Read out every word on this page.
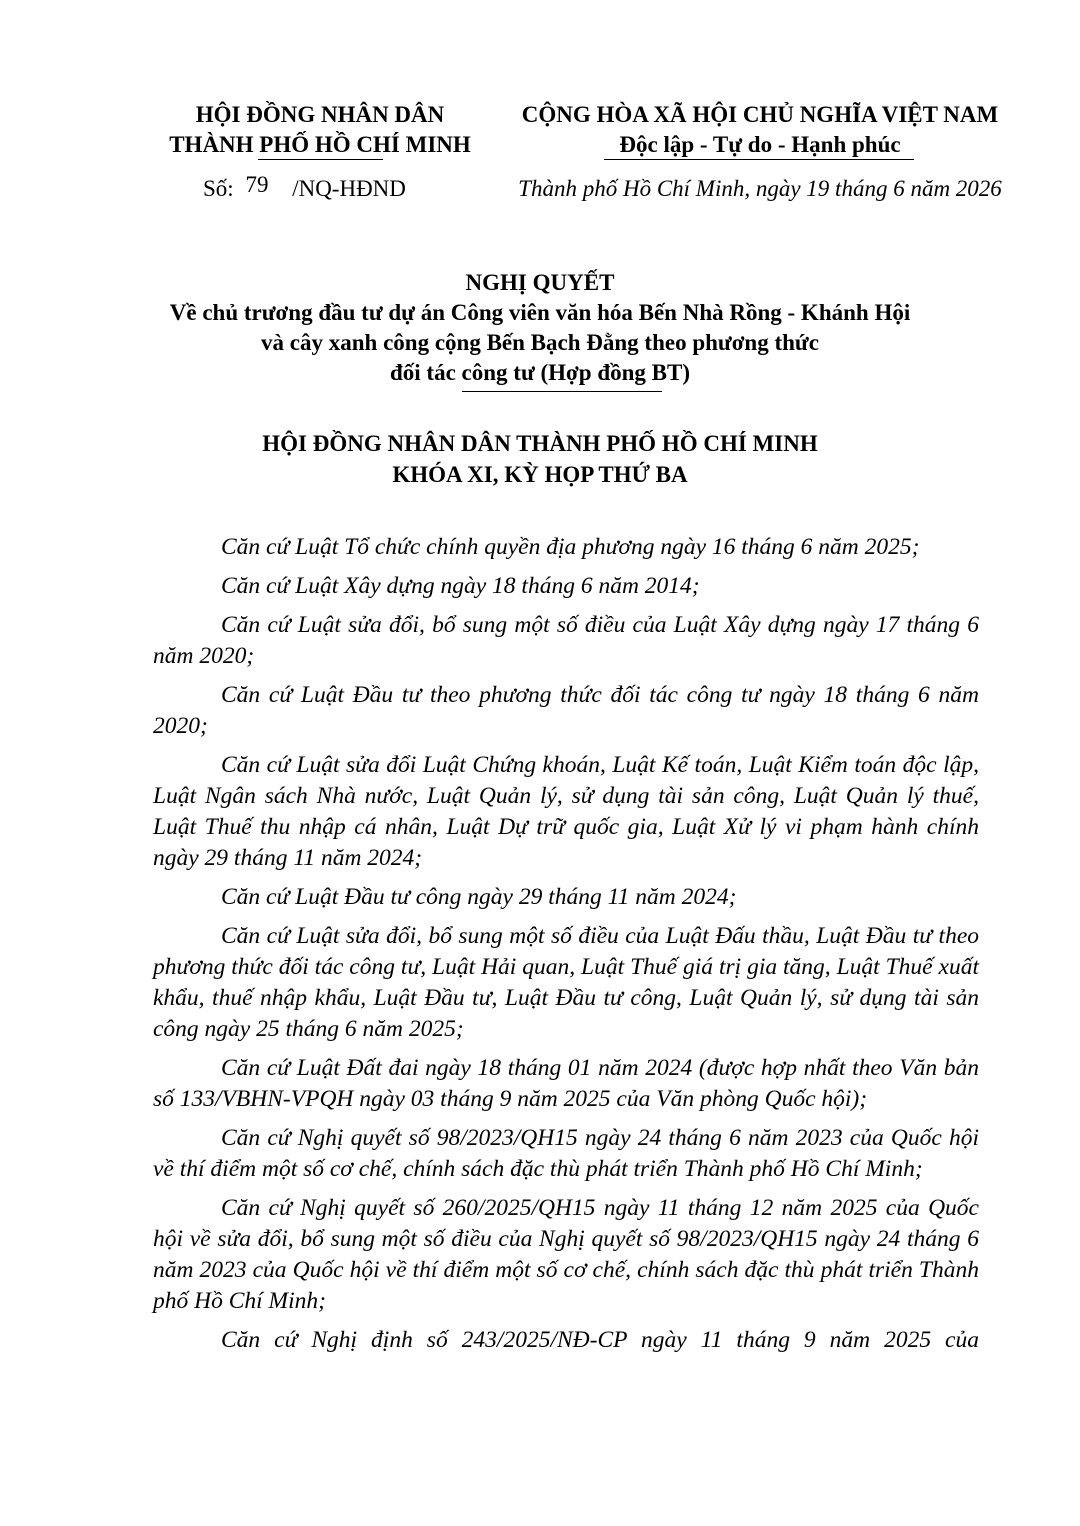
HỘI ĐỒNG NHÂN DÂN
THÀNH PHỐ HỒ CHÍ MINH
CỘNG HÒA XÃ HỘI CHỦ NGHĨA VIỆT NAM
Độc lập - Tự do - Hạnh phúc
Số: 79 /NQ-HĐND	Thành phố Hồ Chí Minh, ngày 19 tháng 6 năm 2026
NGHỊ QUYẾT
Về chủ trương đầu tư dự án Công viên văn hóa Bến Nhà Rồng - Khánh Hội
và cây xanh công cộng Bến Bạch Đằng theo phương thức
đối tác công tư (Hợp đồng BT)
HỘI ĐỒNG NHÂN DÂN THÀNH PHỐ HỒ CHÍ MINH
KHÓA XI, KỲ HỌP THỨ BA

Căn cứ Luật Tổ chức chính quyền địa phương ngày 16 tháng 6 năm 2025;

Căn cứ Luật Xây dựng ngày 18 tháng 6 năm 2014;

Căn cứ Luật sửa đổi, bổ sung một số điều của Luật Xây dựng ngày 17 tháng 6 năm 2020;

Căn cứ Luật Đầu tư theo phương thức đối tác công tư ngày 18 tháng 6 năm 2020;

Căn cứ Luật sửa đổi Luật Chứng khoán, Luật Kế toán, Luật Kiểm toán độc lập, Luật Ngân sách Nhà nước, Luật Quản lý, sử dụng tài sản công, Luật Quản lý thuế, Luật Thuế thu nhập cá nhân, Luật Dự trữ quốc gia, Luật Xử lý vi phạm hành chính ngày 29 tháng 11 năm 2024;

Căn cứ Luật Đầu tư công ngày 29 tháng 11 năm 2024;

Căn cứ Luật sửa đổi, bổ sung một số điều của Luật Đấu thầu, Luật Đầu tư theo phương thức đối tác công tư, Luật Hải quan, Luật Thuế giá trị gia tăng, Luật Thuế xuất khẩu, thuế nhập khẩu, Luật Đầu tư, Luật Đầu tư công, Luật Quản lý, sử dụng tài sản công ngày 25 tháng 6 năm 2025;

Căn cứ Luật Đất đai ngày 18 tháng 01 năm 2024 (được hợp nhất theo Văn bản số 133/VBHN-VPQH ngày 03 tháng 9 năm 2025 của Văn phòng Quốc hội);

Căn cứ Nghị quyết số 98/2023/QH15 ngày 24 tháng 6 năm 2023 của Quốc hội về thí điểm một số cơ chế, chính sách đặc thù phát triển Thành phố Hồ Chí Minh;

Căn cứ Nghị quyết số 260/2025/QH15 ngày 11 tháng 12 năm 2025 của Quốc hội về sửa đổi, bổ sung một số điều của Nghị quyết số 98/2023/QH15 ngày 24 tháng 6 năm 2023 của Quốc hội về thí điểm một số cơ chế, chính sách đặc thù phát triển Thành phố Hồ Chí Minh;

Căn cứ Nghị định số 243/2025/NĐ-CP ngày 11 tháng 9 năm 2025 của
